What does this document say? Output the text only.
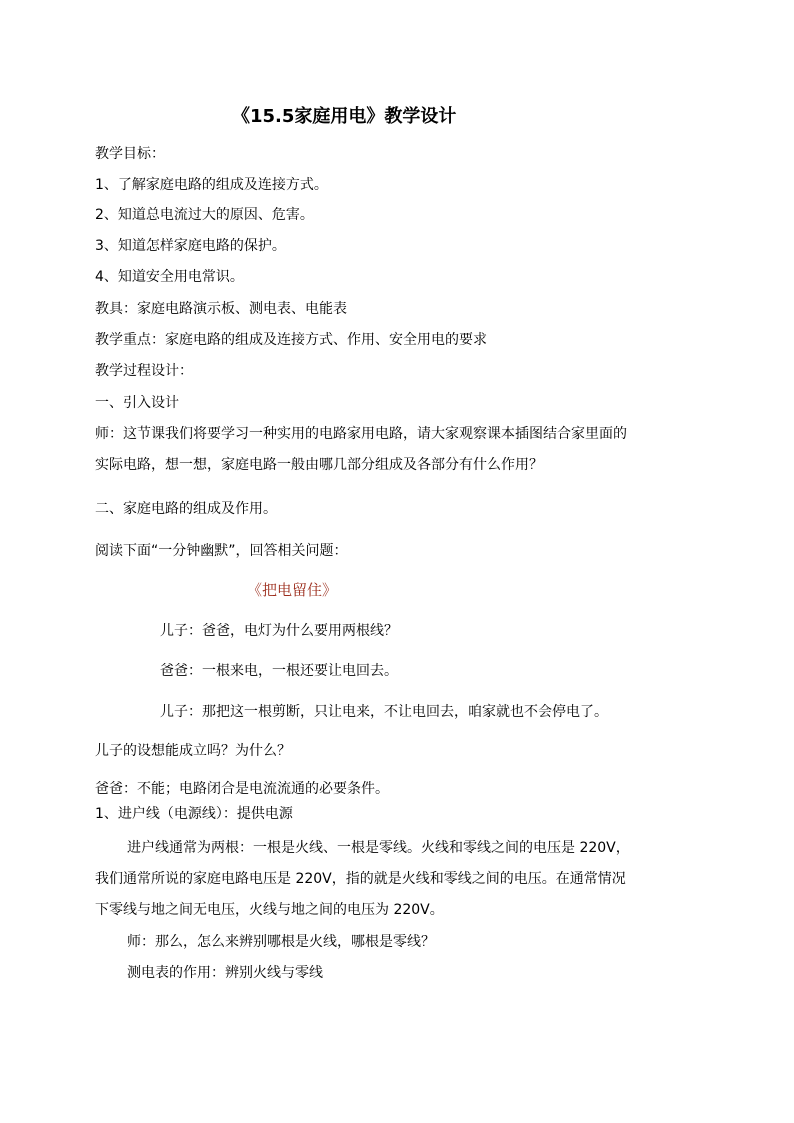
《15.5家庭用电》教学设计
教学目标：
1、了解家庭电路的组成及连接方式。
2、知道总电流过大的原因、危害。
3、知道怎样家庭电路的保护。
4、知道安全用电常识。
教具：家庭电路演示板、测电表、电能表
教学重点：家庭电路的组成及连接方式、作用、安全用电的要求
教学过程设计：
一、引入设计
师：这节课我们将要学习一种实用的电路家用电路，请大家观察课本插图结合家里面的
实际电路，想一想，家庭电路一般由哪几部分组成及各部分有什么作用？
二、家庭电路的组成及作用。
阅读下面“一分钟幽默”，回答相关问题：
《把电留住》
儿子：爸爸，电灯为什么要用两根线？
爸爸：一根来电，一根还要让电回去。
儿子：那把这一根剪断，只让电来，不让电回去，咱家就也不会停电了。
儿子的设想能成立吗？为什么？
爸爸：不能；电路闭合是电流流通的必要条件。
1、进户线（电源线）：提供电源
进户线通常为两根：一根是火线、一根是零线。火线和零线之间的电压是 220V，
我们通常所说的家庭电路电压是 220V，指的就是火线和零线之间的电压。在通常情况
下零线与地之间无电压，火线与地之间的电压为 220V。
师：那么，怎么来辨别哪根是火线，哪根是零线？
测电表的作用：辨别火线与零线
